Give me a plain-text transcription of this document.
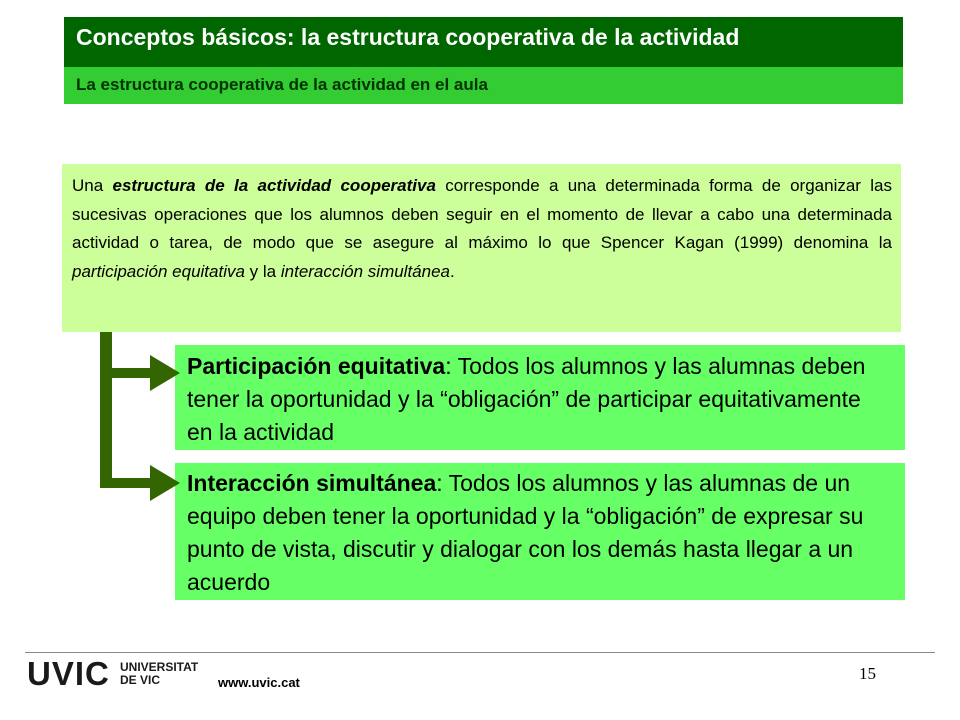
Conceptos básicos: la estructura cooperativa de la actividad
La estructura cooperativa de la actividad en el aula
Una estructura de la actividad cooperativa corresponde a una determinada forma de organizar las sucesivas operaciones que los alumnos deben seguir en el momento de llevar a cabo una determinada actividad o tarea, de modo que se asegure al máximo lo que Spencer Kagan (1999) denomina la participación equitativa y la interacción simultánea.
Participación equitativa: Todos los alumnos y las alumnas deben tener la oportunidad y la “obligación” de participar equitativamente en la actividad
Interacción simultánea: Todos los alumnos y las alumnas de un equipo deben tener la oportunidad y la “obligación” de expresar su punto de vista, discutir y dialogar con los demás hasta llegar a un acuerdo
UVIC UNIVERSITAT
DE VIC	www.uvic.cat	15
